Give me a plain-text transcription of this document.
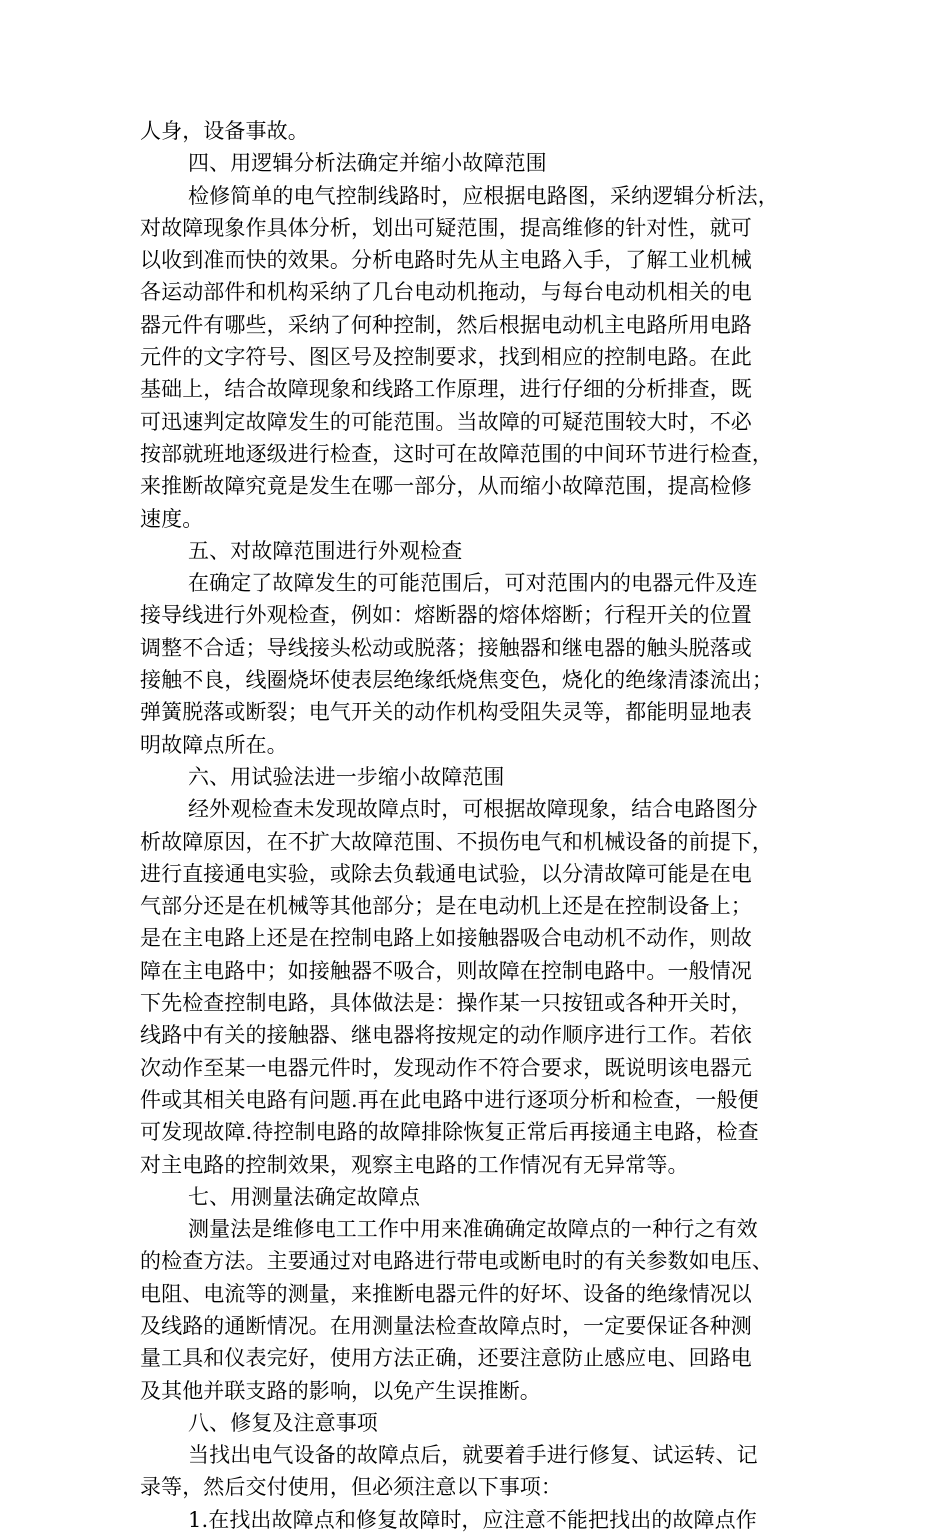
人身，设备事故。
四、用逻辑分析法确定并缩小故障范围
检修简单的电气控制线路时，应根据电路图，采纳逻辑分析法，
对故障现象作具体分析，划出可疑范围，提高维修的针对性，就可
以收到准而快的效果。分析电路时先从主电路入手，了解工业机械
各运动部件和机构采纳了几台电动机拖动，与每台电动机相关的电
器元件有哪些，采纳了何种控制，然后根据电动机主电路所用电路
元件的文字符号、图区号及控制要求，找到相应的控制电路。在此
基础上，结合故障现象和线路工作原理，进行仔细的分析排查，既
可迅速判定故障发生的可能范围。当故障的可疑范围较大时，不必
按部就班地逐级进行检查，这时可在故障范围的中间环节进行检查，
来推断故障究竟是发生在哪一部分，从而缩小故障范围，提高检修
速度。
五、对故障范围进行外观检查
在确定了故障发生的可能范围后，可对范围内的电器元件及连
接导线进行外观检查，例如：熔断器的熔体熔断；行程开关的位置
调整不合适；导线接头松动或脱落；接触器和继电器的触头脱落或
接触不良，线圈烧坏使表层绝缘纸烧焦变色，烧化的绝缘清漆流出；
弹簧脱落或断裂；电气开关的动作机构受阻失灵等，都能明显地表
明故障点所在。
六、用试验法进一步缩小故障范围
经外观检查未发现故障点时，可根据故障现象，结合电路图分
析故障原因，在不扩大故障范围、不损伤电气和机械设备的前提下，
进行直接通电实验，或除去负载通电试验，以分清故障可能是在电
气部分还是在机械等其他部分；是在电动机上还是在控制设备上；
是在主电路上还是在控制电路上如接触器吸合电动机不动作，则故
障在主电路中；如接触器不吸合，则故障在控制电路中。一般情况
下先检查控制电路，具体做法是：操作某一只按钮或各种开关时，
线路中有关的接触器、继电器将按规定的动作顺序进行工作。若依
次动作至某一电器元件时，发现动作不符合要求，既说明该电器元
件或其相关电路有问题.再在此电路中进行逐项分析和检查，一般便
可发现故障.待控制电路的故障排除恢复正常后再接通主电路，检查
对主电路的控制效果，观察主电路的工作情况有无异常等。
七、用测量法确定故障点
测量法是维修电工工作中用来准确确定故障点的一种行之有效
的检查方法。主要通过对电路进行带电或断电时的有关参数如电压、
电阻、电流等的测量，来推断电器元件的好坏、设备的绝缘情况以
及线路的通断情况。在用测量法检查故障点时，一定要保证各种测
量工具和仪表完好，使用方法正确，还要注意防止感应电、回路电
及其他并联支路的影响，以免产生误推断。
八、修复及注意事项
当找出电气设备的故障点后，就要着手进行修复、试运转、记
录等，然后交付使用，但必须注意以下事项：
1.在找出故障点和修复故障时，应注意不能把找出的故障点作
